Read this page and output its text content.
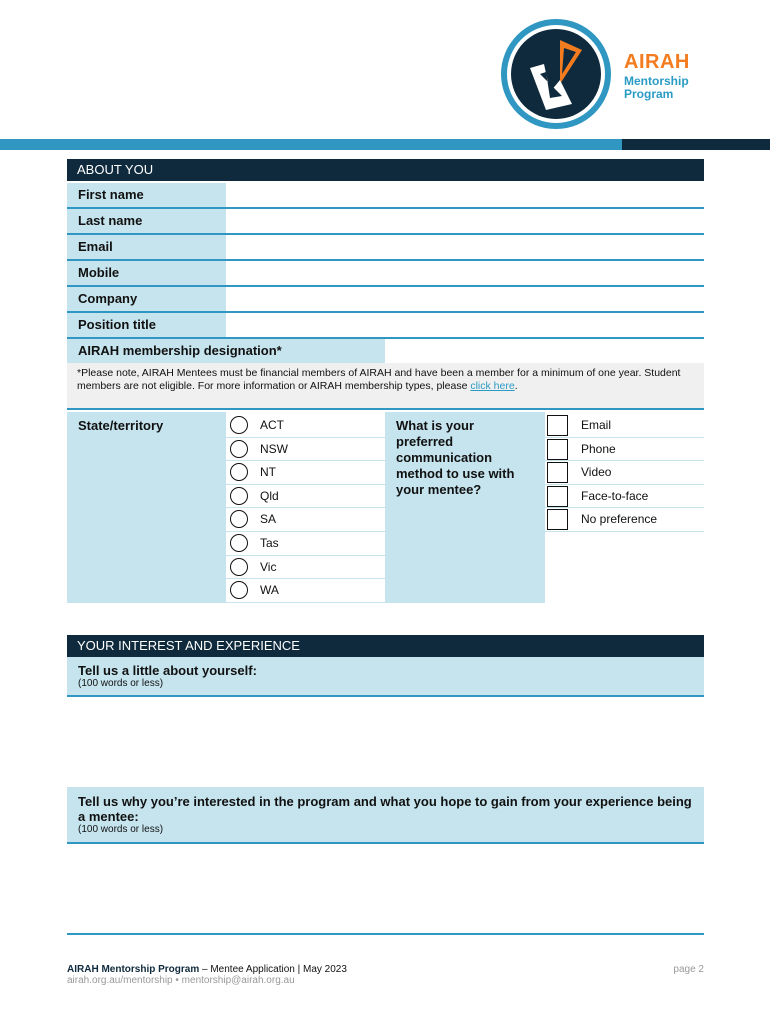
AIRAH
Mentorship
Program
ABOUT YOU
First name
Last name
Email
Mobile
Company
Position title
AIRAH membership designation*
*Please note, AIRAH Mentees must be financial members of AIRAH and have been a member for a minimum of one year. Student members are not eligible. For more information or AIRAH membership types, please click here.
State/territory	ACT
NSW
NT
Qld
SA
Tas
Vic
WA
What is your preferred communication method to use with your mentee?
Email
Phone
Video
Face-to-face
No preference
YOUR INTEREST AND EXPERIENCE
Tell us a little about yourself:
(100 words or less)
Tell us why you’re interested in the program and what you hope to gain from your experience being a mentee:
(100 words or less)
AIRAH Mentorship Program – Mentee Application | May 2023
airah.org.au/mentorship • mentorship@airah.org.au
page 2
